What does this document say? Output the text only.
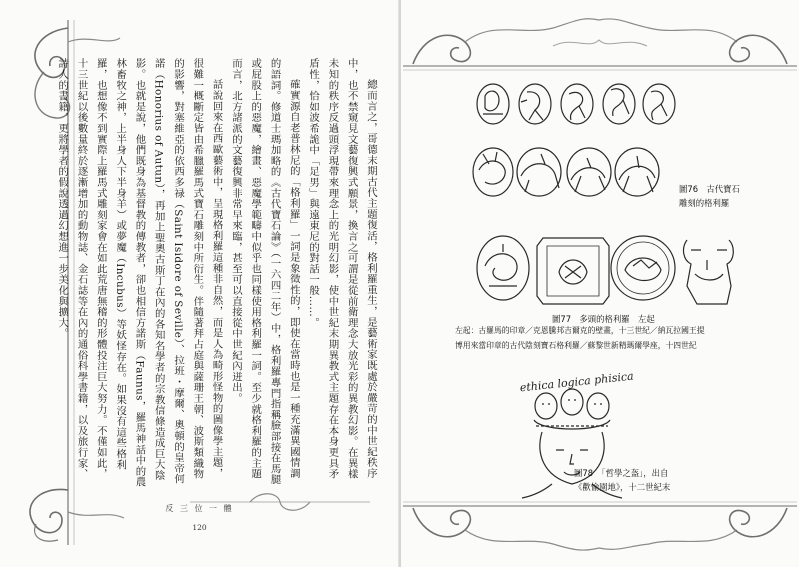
總而言之，哥德末期古代主題復活，格利羅重生，是藝術家既處於嚴苛的中世紀秩序中，也不禁窺見文藝復興式願景，換言之可謂是從前衛理念大放光彩的異教幻影。在異樣未知的秩序反過頭浮現帶來理念上的光明幻影，使中世紀末期異教式主題存在本身更具矛盾性，恰如波希詭中「足男」與遠東尼的對話一般……。

確實源自老普林尼的「格利羅」一詞是象徵性的，即使在當時也是一種充滿異國情調的語詞。修道士瑪加略的《古代寶石論》（一六四二年）中，格利羅專門指稱臉部接在馬腿或屁股上的惡魔，繪畫、惡魔學範疇中似乎也同樣使用格利羅一詞。至少就格利羅的主題而言，北方諸派的文藝復興非常早來臨，甚至可以直接從中世紀內迸出。

話說回來在西歐藝術中，呈現格利羅這種非自然，而是人為畸形怪物的圖像學主題，很難一概斷定皆由希臘羅馬式寶石雕刻中所衍生。伴隨著拜占庭與薩珊王朝、波斯類織物的影響，對塞維亞的依西多禄（Saint Isidore of Seville）、拉班・摩爾、奧頓的皇帝何諾（Honorius of Autun），再加上聖奧古斯丁在內的各知名學者的宗教信條造成巨大陰影。也就是說，他們既身為基督教的傳教者，卻也相信方諾斯（Faunus，羅馬神話中的農林畜牧之神，上半身人下半身羊）或夢魔（Incubus）等妖怪存在。如果沒有這些格利羅，也想像不到實際上羅馬式雕刻家會在如此荒唐無稽的形體投注巨大努力。不僅如此，十三世紀以後數量終於逐漸增加的動物誌、金石誌等在內的通俗科學書籍，以及旅行家、詩人的書籍，更將學者的假說透過幻想進一步美化與擴大。

反 三 位 一 體
120
圖76　古代寶石
雕刻的格利羅
圖77　多頭的格利羅　左起
左起：古羅馬的印章／克恩騰邦吉爾克的壁畫，十三世紀／納瓦拉國王提
博用來當印章的古代陰刻寶石格利羅／蘇黎世新精瑪爾學座，十四世紀
ethica logica phisica
圖78　「哲學之盔」，出自
《歡愉園地》，十二世紀末
